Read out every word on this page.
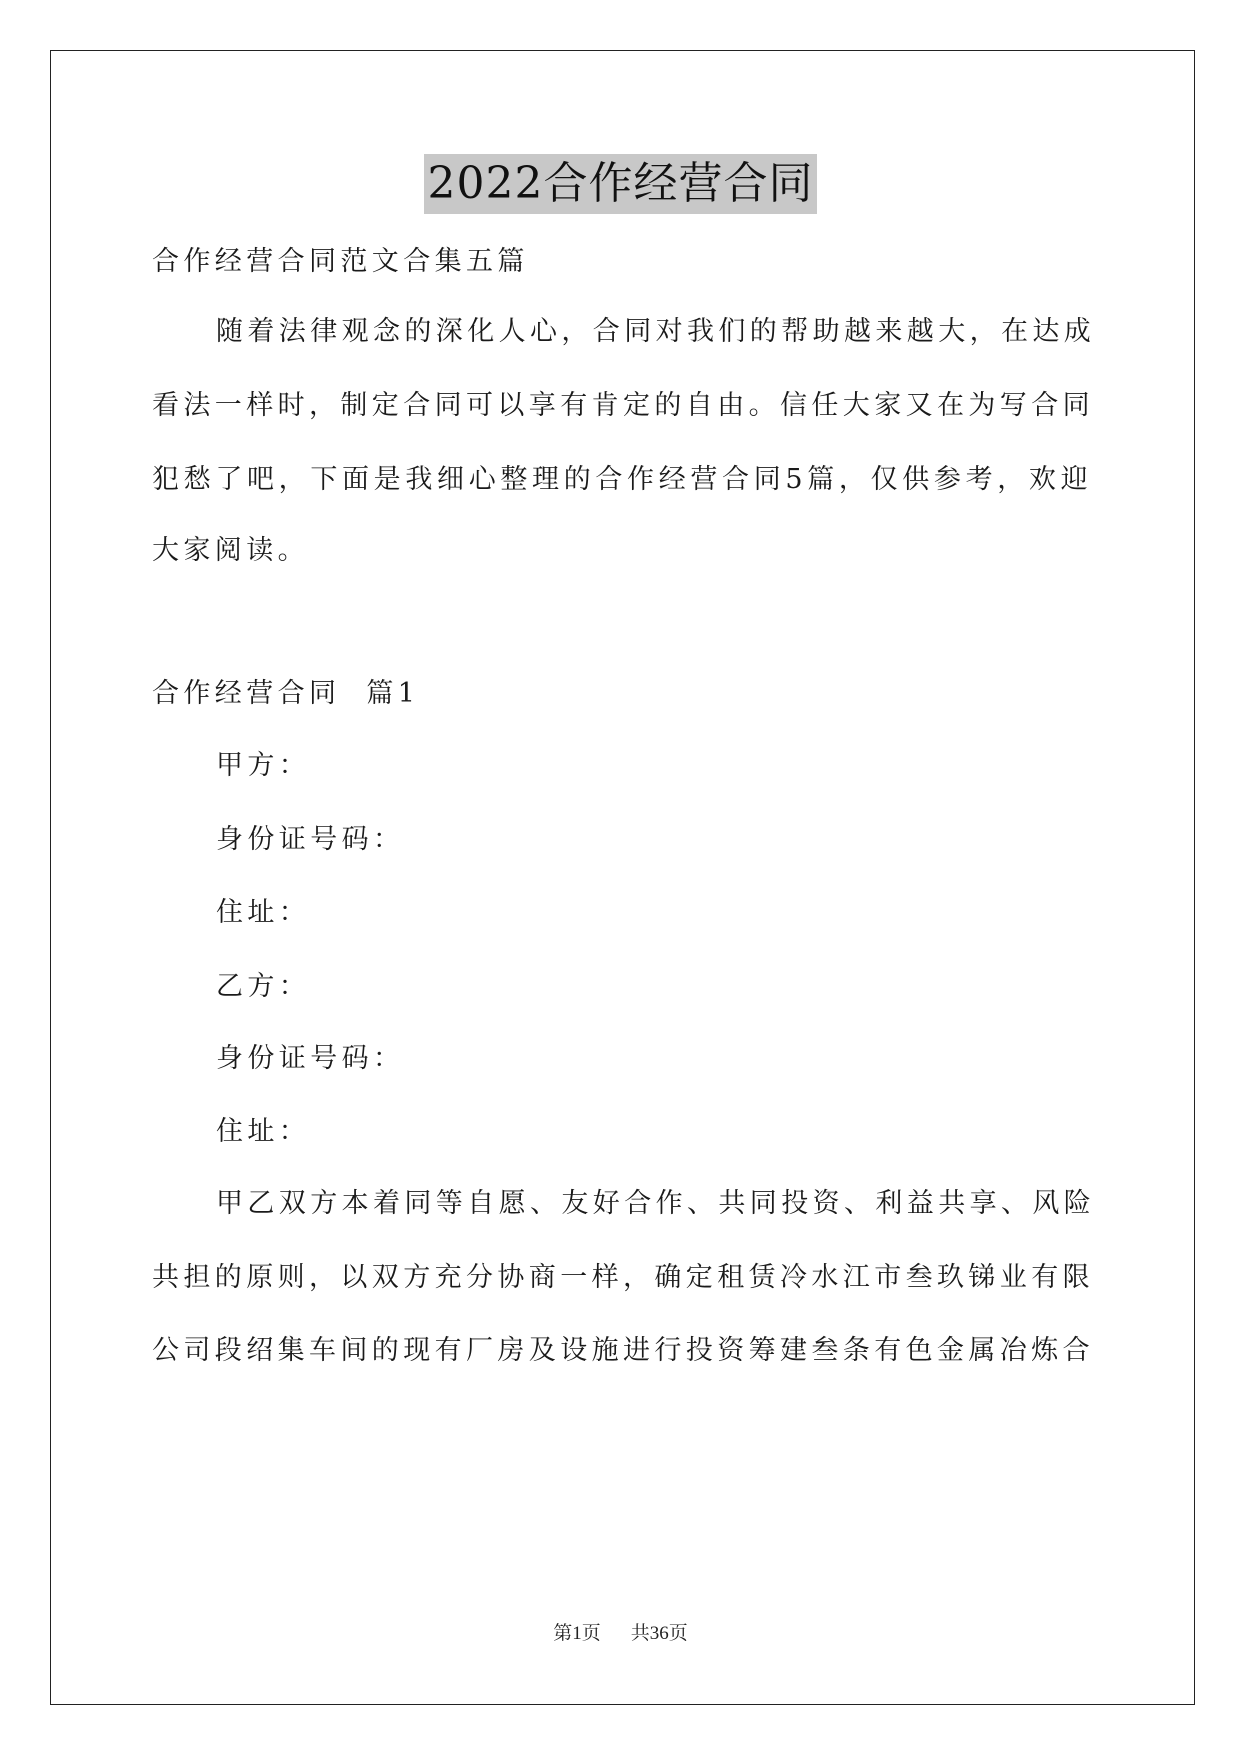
2022合作经营合同
合作经营合同范文合集五篇
随着法律观念的深化人心，合同对我们的帮助越来越大，在达成
看法一样时，制定合同可以享有肯定的自由。信任大家又在为写合同
犯愁了吧，下面是我细心整理的合作经营合同5篇，仅供参考，欢迎
大家阅读。
合作经营合同  篇1
甲方：
身份证号码：
住址：
乙方：
身份证号码：
住址：
甲乙双方本着同等自愿、友好合作、共同投资、利益共享、风险
共担的原则，以双方充分协商一样，确定租赁冷水江市叁玖锑业有限
公司段绍集车间的现有厂房及设施进行投资筹建叁条有色金属冶炼合
第1页 共36页
